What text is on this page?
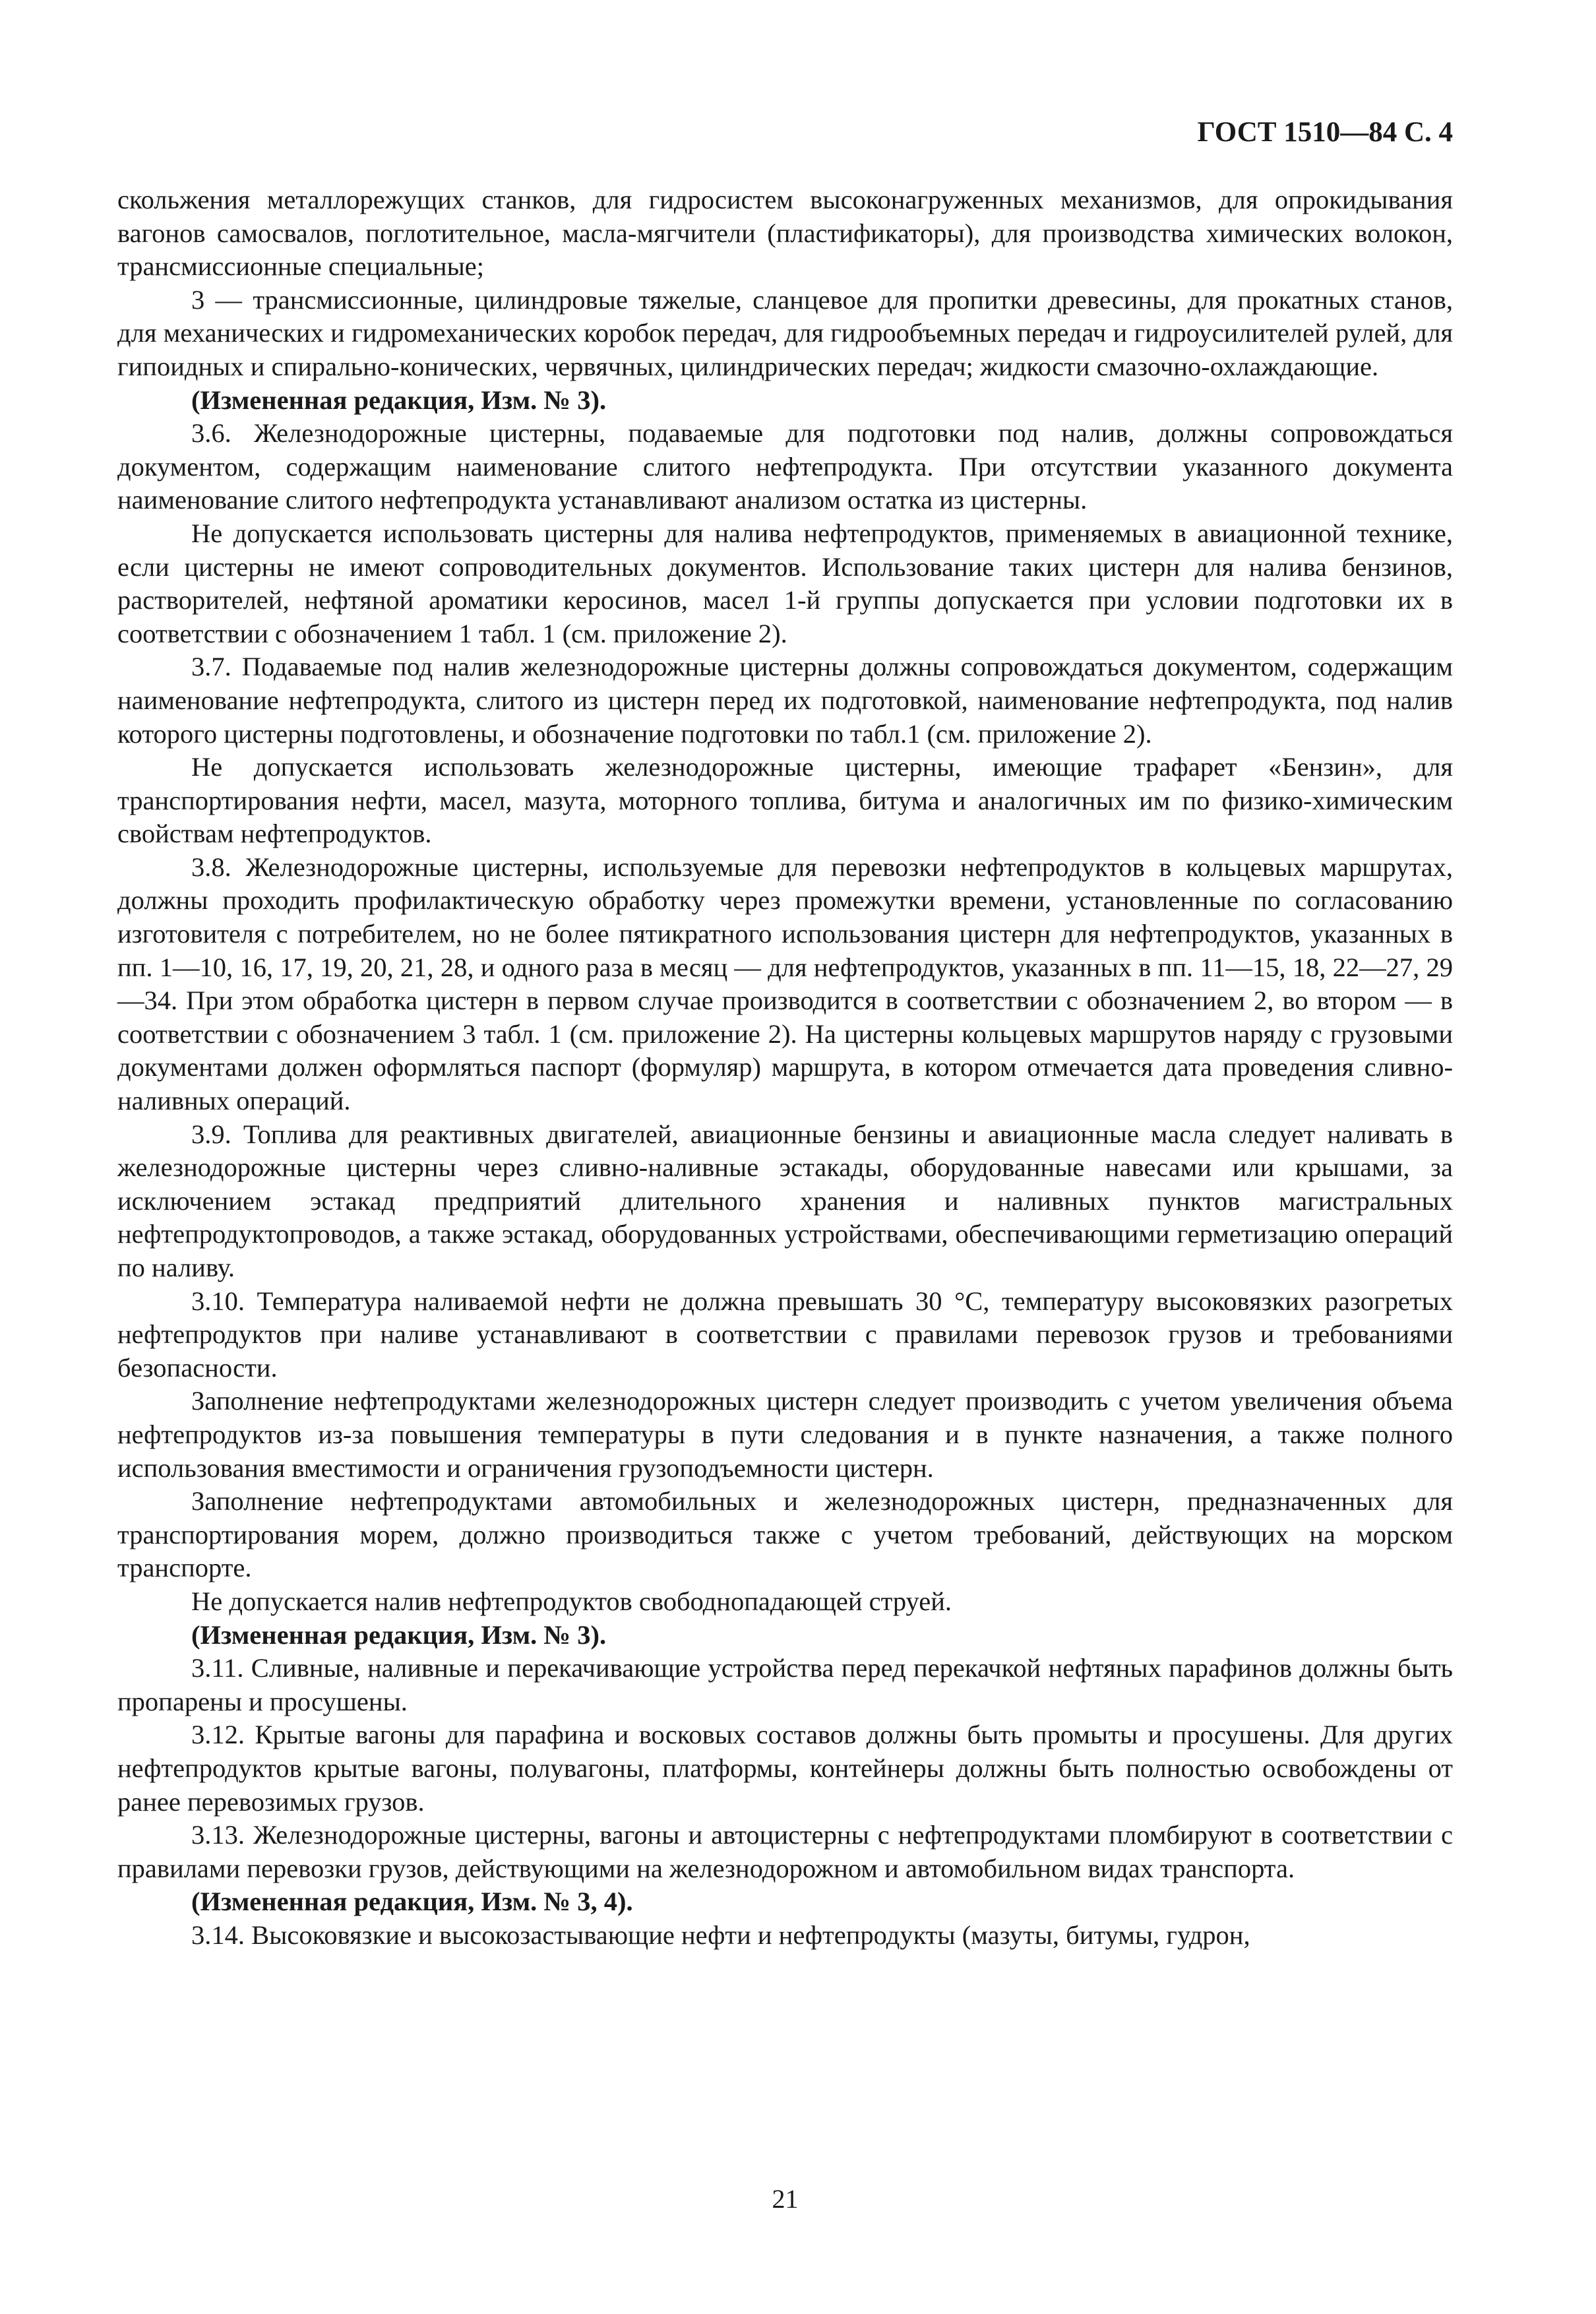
ГОСТ 1510—84 С. 4

скольжения металлорежущих станков, для гидросистем высоконагруженных механизмов, для опрокидывания вагонов самосвалов, поглотительное, масла-мягчители (пластификаторы), для производства химических волокон, трансмиссионные специальные;

3 — трансмиссионные, цилиндровые тяжелые, сланцевое для пропитки древесины, для прокатных станов, для механических и гидромеханических коробок передач, для гидрообъемных передач и гидроусилителей рулей, для гипоидных и спирально-конических, червячных, цилиндрических передач; жидкости смазочно-охлаждающие.

(Измененная редакция, Изм. № 3).

3.6. Железнодорожные цистерны, подаваемые для подготовки под налив, должны сопровождаться документом, содержащим наименование слитого нефтепродукта. При отсутствии указанного документа наименование слитого нефтепродукта устанавливают анализом остатка из цистерны.

Не допускается использовать цистерны для налива нефтепродуктов, применяемых в авиационной технике, если цистерны не имеют сопроводительных документов. Использование таких цистерн для налива бензинов, растворителей, нефтяной ароматики керосинов, масел 1-й группы допускается при условии подготовки их в соответствии с обозначением 1 табл. 1 (см. приложение 2).

3.7. Подаваемые под налив железнодорожные цистерны должны сопровождаться документом, содержащим наименование нефтепродукта, слитого из цистерн перед их подготовкой, наименование нефтепродукта, под налив которого цистерны подготовлены, и обозначение подготовки по табл.1 (см. приложение 2).

Не допускается использовать железнодорожные цистерны, имеющие трафарет «Бензин», для транспортирования нефти, масел, мазута, моторного топлива, битума и аналогичных им по физико-химическим свойствам нефтепродуктов.

3.8. Железнодорожные цистерны, используемые для перевозки нефтепродуктов в кольцевых маршрутах, должны проходить профилактическую обработку через промежутки времени, установленные по согласованию изготовителя с потребителем, но не более пятикратного использования цистерн для нефтепродуктов, указанных в пп. 1—10, 16, 17, 19, 20, 21, 28, и одного раза в месяц — для нефтепродуктов, указанных в пп. 11—15, 18, 22—27, 29—34. При этом обработка цистерн в первом случае производится в соответствии с обозначением 2, во втором — в соответствии с обозначением 3 табл. 1 (см. приложение 2). На цистерны кольцевых маршрутов наряду с грузовыми документами должен оформляться паспорт (формуляр) маршрута, в котором отмечается дата проведения сливно-наливных операций.

3.9. Топлива для реактивных двигателей, авиационные бензины и авиационные масла следует наливать в железнодорожные цистерны через сливно-наливные эстакады, оборудованные навесами или крышами, за исключением эстакад предприятий длительного хранения и наливных пунктов магистральных нефтепродуктопроводов, а также эстакад, оборудованных устройствами, обеспечивающими герметизацию операций по наливу.

3.10. Температура наливаемой нефти не должна превышать 30 °С, температуру высоковязких разогретых нефтепродуктов при наливе устанавливают в соответствии с правилами перевозок грузов и требованиями безопасности.

Заполнение нефтепродуктами железнодорожных цистерн следует производить с учетом увеличения объема нефтепродуктов из-за повышения температуры в пути следования и в пункте назначения, а также полного использования вместимости и ограничения грузоподъемности цистерн.

Заполнение нефтепродуктами автомобильных и железнодорожных цистерн, предназначенных для транспортирования морем, должно производиться также с учетом требований, действующих на морском транспорте.

Не допускается налив нефтепродуктов свободнопадающей струей.

(Измененная редакция, Изм. № 3).

3.11. Сливные, наливные и перекачивающие устройства перед перекачкой нефтяных парафинов должны быть пропарены и просушены.

3.12. Крытые вагоны для парафина и восковых составов должны быть промыты и просушены. Для других нефтепродуктов крытые вагоны, полувагоны, платформы, контейнеры должны быть полностью освобождены от ранее перевозимых грузов.

3.13. Железнодорожные цистерны, вагоны и автоцистерны с нефтепродуктами пломбируют в соответствии с правилами перевозки грузов, действующими на железнодорожном и автомобильном видах транспорта.

(Измененная редакция, Изм. № 3, 4).

3.14. Высоковязкие и высокозастывающие нефти и нефтепродукты (мазуты, битумы, гудрон,

21
